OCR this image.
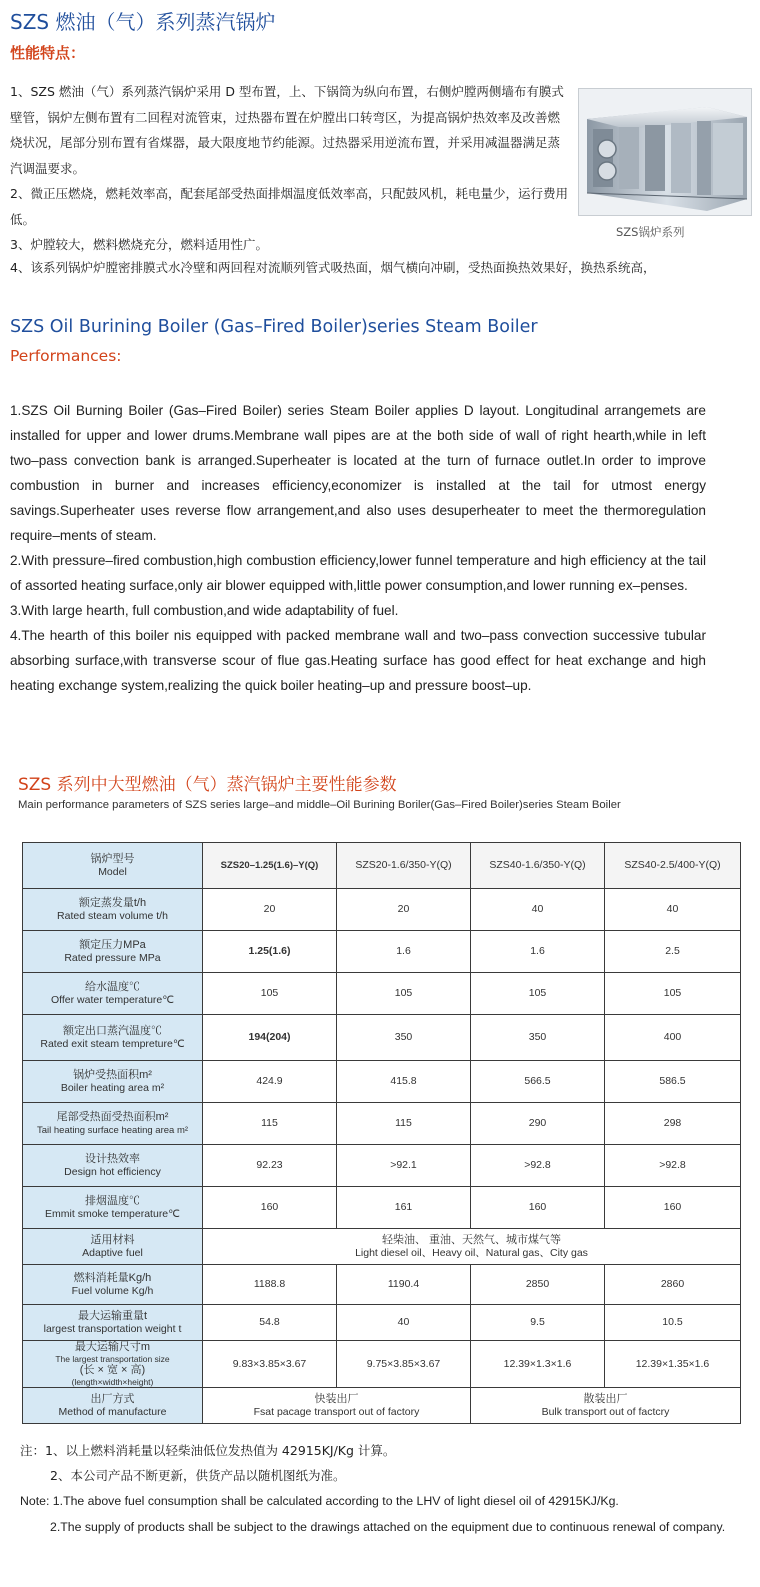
SZS 燃油（气）系列蒸汽锅炉
性能特点：

1、SZS 燃油（气）系列蒸汽锅炉采用 D 型布置，上、下锅筒为纵向布置，右侧炉膛两侧墙布有膜式壁管，锅炉左侧布置有二回程对流管束，过热器布置在炉膛出口转弯区，为提高锅炉热效率及改善燃烧状况，尾部分别布置有省煤器，最大限度地节约能源。过热器采用逆流布置，并采用减温器满足蒸汽调温要求。

2、微正压燃烧，燃耗效率高，配套尾部受热面排烟温度低效率高，只配鼓风机，耗电量少，运行费用低。

3、炉膛较大，燃料燃烧充分，燃料适用性广。

4、该系列锅炉炉膛密排膜式水冷壁和两回程对流顺列管式吸热面，烟气横向冲刷，受热面换热效果好，换热系统高，
SZS锅炉系列
SZS Oil Burining Boiler (Gas–Fired Boiler)series Steam Boiler
Performances:

1.SZS Oil Burning Boiler (Gas–Fired Boiler) series Steam Boiler applies D layout. Longitudinal arrangemets are installed for upper and lower drums.Membrane wall pipes are at the both side of wall of right hearth,while in left two–pass convection bank is arranged.Superheater is located at the turn of furnace outlet.In order to improve combustion in burner and increases efficiency,economizer is installed at the tail for utmost energy savings.Superheater uses reverse flow arrangement,and also uses desuperheater to meet the thermoregulation require–ments of steam.

2.With pressure–fired combustion,high combustion efficiency,lower funnel temperature and high efficiency at the tail of assorted heating surface,only air blower equipped with,little power consumption,and lower running ex–penses.

3.With large hearth, full combustion,and wide adaptability of fuel.

4.The hearth of this boiler nis equipped with packed membrane wall and two–pass convection successive tubular absorbing surface,with transverse scour of flue gas.Heating surface has good effect for heat exchange and high heating exchange system,realizing the quick boiler heating–up and pressure boost–up.

SZS 系列中大型燃油（气）蒸汽锅炉主要性能参数
Main performance parameters of SZS series large–and middle–Oil Burining Boriler(Gas–Fired Boiler)series Steam Boiler
锅炉型号
Model	SZS20–1.25(1.6)–Y(Q)	SZS20-1.6/350-Y(Q)	SZS40-1.6/350-Y(Q)	SZS40-2.5/400-Y(Q)

额定蒸发量t/h
Rated steam volume t/h	20	20	40	40

额定压力MPa
Rated pressure MPa	1.25(1.6)	1.6	1.6	2.5

给水温度℃
Offer water temperature℃	105	105	105	105

额定出口蒸汽温度℃
Rated exit steam tempreture℃	194(204)	350	350	400

锅炉受热面积m²
Boiler heating area m²	424.9	415.8	566.5	586.5

尾部受热面受热面积m²
Tail heating surface heating area m²	115	115	290	298

设计热效率
Design hot efficiency	92.23	>92.1	>92.8	>92.8

排烟温度℃
Emmit smoke temperature℃	160	161	160	160

适用材料
Adaptive fuel	轻柴油、 重油、天然气、城市煤气等
Light diesel oil、Heavy oil、Natural gas、City gas			

燃料消耗量Kg/h
Fuel volume Kg/h	1188.8	1190.4	2850	2860

最大运输重量t
largest transportation weight t	54.8	40	9.5	10.5

最大运输尺寸m
The largest transportation size
(长 × 宽 × 高)
(length×width×height)	9.83×3.85×3.67	9.75×3.85×3.67	12.39×1.3×1.6	12.39×1.35×1.6

出厂方式
Method of manufacture	快装出厂
Fsat pacage transport out of factory		散装出厂
Bulk transport out of factcry	

注：1、以上燃料消耗量以轻柴油低位发热值为 42915KJ/Kg 计算。

2、本公司产品不断更新，供货产品以随机图纸为准。

Note: 1.The above fuel consumption shall be calculated according to the LHV of light diesel oil of 42915KJ/Kg.

2.The supply of products shall be subject to the drawings attached on the equipment due to continuous renewal of company.
